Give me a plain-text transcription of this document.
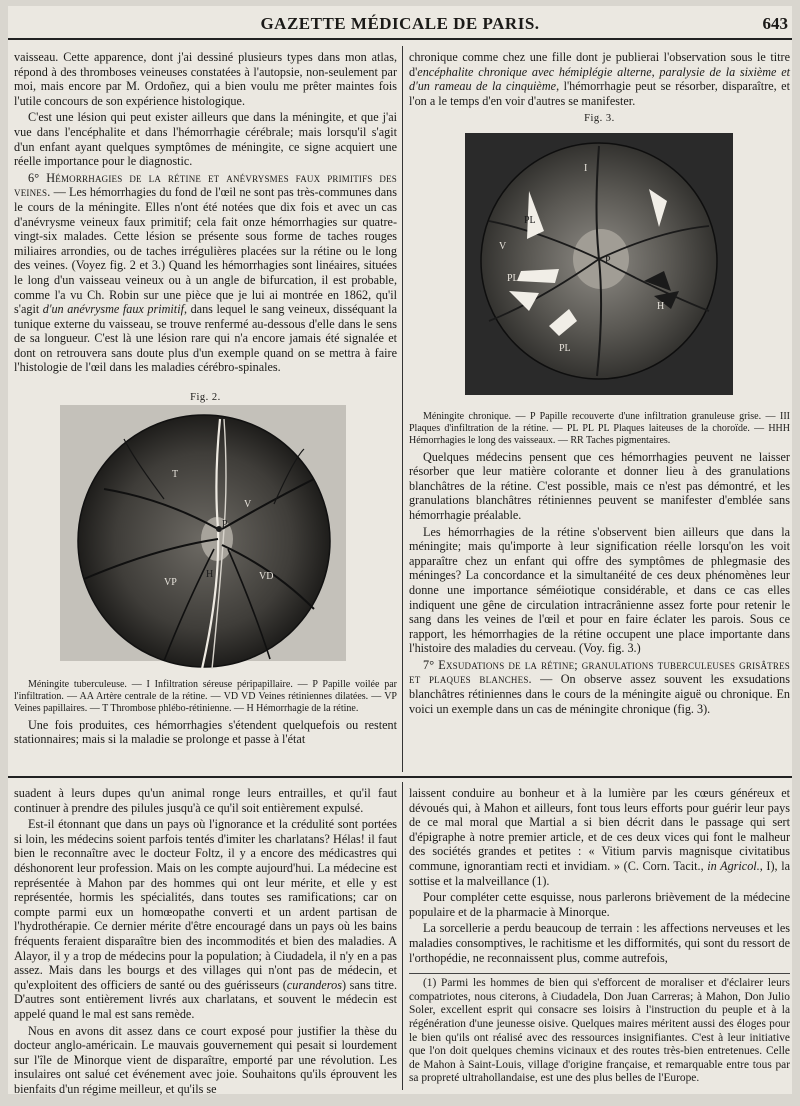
GAZETTE MÉDICALE DE PARIS.	643

vaisseau. Cette apparence, dont j'ai dessiné plusieurs types dans mon atlas, répond à des thromboses veineuses constatées à l'autopsie, non-seulement par moi, mais encore par M. Ordoñez, qui a bien voulu me prêter maintes fois l'utile concours de son expérience histologique.

C'est une lésion qui peut exister ailleurs que dans la méningite, et que j'ai vue dans l'encéphalite et dans l'hémorrhagie cérébrale; mais lorsqu'il s'agit d'un enfant ayant quelques symptômes de méningite, ce signe acquiert une réelle importance pour le diagnostic.

6° Hémorrhagies de la rétine et anévrysmes faux primitifs des veines. — Les hémorrhagies du fond de l'œil ne sont pas très-communes dans le cours de la méningite. Elles n'ont été notées que dix fois et avec un cas d'anévrysme veineux faux primitif; cela fait onze hémorrhagies sur quatre-vingt-six malades. Cette lésion se présente sous forme de taches rouges miliaires arrondies, ou de taches irrégulières placées sur la rétine ou le long des veines. (Voyez fig. 2 et 3.) Quand les hémorrhagies sont linéaires, situées le long d'un vaisseau veineux ou à un angle de bifurcation, il est probable, comme l'a vu Ch. Robin sur une pièce que je lui ai montrée en 1862, qu'il s'agit d'un anévrysme faux primitif, dans lequel le sang veineux, disséquant la tunique externe du vaisseau, se trouve renfermé au-dessous d'elle dans le sens de sa longueur. C'est là une lésion rare qui n'a encore jamais été signalée et dont on retrouvera sans doute plus d'un exemple quand on se mettra à faire l'histologie de l'œil dans les maladies cérébro-spinales.

Fig. 2.
T
P
V
VD
VP
H

Méningite tuberculeuse. — I Infiltration séreuse péripapillaire. — P Papille voilée par l'infiltration. — AA Artère centrale de la rétine. — VD VD Veines rétiniennes dilatées. — VP Veines papillaires. — T Thrombose phlébo-rétinienne. — H Hémorrhagie de la rétine.

Une fois produites, ces hémorrhagies s'étendent quelquefois ou restent stationnaires; mais si la maladie se prolonge et passe à l'état

chronique comme chez une fille dont je publierai l'observation sous le titre d'encéphalite chronique avec hémiplégie alterne, paralysie de la sixième et d'un rameau de la cinquième, l'hémorrhagie peut se résorber, disparaître, et l'on a le temps d'en voir d'autres se manifester.

Fig. 3.
I
PL
PL
V
P
H
PL

Méningite chronique. — P Papille recouverte d'une infiltration granuleuse grise. — III Plaques d'infiltration de la rétine. — PL PL PL Plaques laiteuses de la choroïde. — HHH Hémorrhagies le long des vaisseaux. — RR Taches pigmentaires.

Quelques médecins pensent que ces hémorrhagies peuvent ne laisser résorber que leur matière colorante et donner lieu à des granulations blanchâtres de la rétine. C'est possible, mais ce n'est pas démontré, et les granulations blanchâtres rétiniennes peuvent se manifester d'emblée sans hémorrhagie préalable.

Les hémorrhagies de la rétine s'observent bien ailleurs que dans la méningite; mais qu'importe à leur signification réelle lorsqu'on les voit apparaître chez un enfant qui offre des symptômes de phlegmasie des méninges? La concordance et la simultanéité de ces deux phénomènes leur donne une importance séméiotique considérable, et dans ce cas elles indiquent une gêne de circulation intracrânienne assez forte pour retenir le sang dans les veines de l'œil et pour en faire éclater les parois. Sous ce rapport, les hémorrhagies de la rétine occupent une place importante dans l'histoire des maladies du cerveau. (Voy. fig. 3.)

7° Exsudations de la rétine; granulations tuberculeuses grisâtres et plaques blanches. — On observe assez souvent les exsudations blanchâtres rétiniennes dans le cours de la méningite aiguë ou chronique. En voici un exemple dans un cas de méningite chronique (fig. 3).

suadent à leurs dupes qu'un animal ronge leurs entrailles, et qu'il faut continuer à prendre des pilules jusqu'à ce qu'il soit entièrement expulsé.

Est-il étonnant que dans un pays où l'ignorance et la crédulité sont portées si loin, les médecins soient parfois tentés d'imiter les charlatans? Hélas! il faut bien le reconnaître avec le docteur Foltz, il y a encore des médicastres qui déshonorent leur profession. Mais on les compte aujourd'hui. La médecine est représentée à Mahon par des hommes qui ont leur mérite, et elle y est représentée, hormis les spécialités, dans toutes ses ramifications; car on compte parmi eux un homœopathe converti et un ardent partisan de l'hydrothérapie. Ce dernier mérite d'être encouragé dans un pays où les bains fréquents feraient disparaître bien des incommodités et bien des maladies. A Alayor, il y a trop de médecins pour la population; à Ciudadela, il n'y en a pas assez. Mais dans les bourgs et des villages qui n'ont pas de médecin, et qu'exploitent des officiers de santé ou des guérisseurs (curanderos) sans titre. D'autres sont entièrement livrés aux charlatans, et souvent le médecin est appelé quand le mal est sans remède.

Nous en avons dit assez dans ce court exposé pour justifier la thèse du docteur anglo-américain. Le mauvais gouvernement qui pesait si lourdement sur l'île de Minorque vient de disparaître, emporté par une révolution. Les insulaires ont salué cet événement avec joie. Souhaitons qu'ils éprouvent les bienfaits d'un régime meilleur, et qu'ils se

laissent conduire au bonheur et à la lumière par les cœurs généreux et dévoués qui, à Mahon et ailleurs, font tous leurs efforts pour guérir leur pays de ce mal moral que Martial a si bien décrit dans le passage qui sert d'épigraphe à notre premier article, et de ces deux vices qui font le malheur des sociétés grandes et petites : « Vitium parvis magnisque civitatibus commune, ignorantiam recti et invidiam. » (C. Corn. Tacit., in Agricol., I), la sottise et la malveillance (1).

Pour compléter cette esquisse, nous parlerons brièvement de la médecine populaire et de la pharmacie à Minorque.

La sorcellerie a perdu beaucoup de terrain : les affections nerveuses et les maladies consomptives, le rachitisme et les difformités, qui sont du ressort de l'orthopédie, ne reconnaissent plus, comme autrefois,

(1) Parmi les hommes de bien qui s'efforcent de moraliser et d'éclairer leurs compatriotes, nous citerons, à Ciudadela, Don Juan Carreras; à Mahon, Don Julio Soler, excellent esprit qui consacre ses loisirs à l'instruction du peuple et à la régénération d'une jeunesse oisive. Quelques maires méritent aussi des éloges pour le bien qu'ils ont réalisé avec des ressources insignifiantes. C'est à leur initiative que l'on doit quelques chemins vicinaux et des routes très-bien entretenues. Celle de Mahon à Saint-Louis, village d'origine française, et remarquable entre tous par sa propreté ultrahollandaise, est une des plus belles de l'Europe.
